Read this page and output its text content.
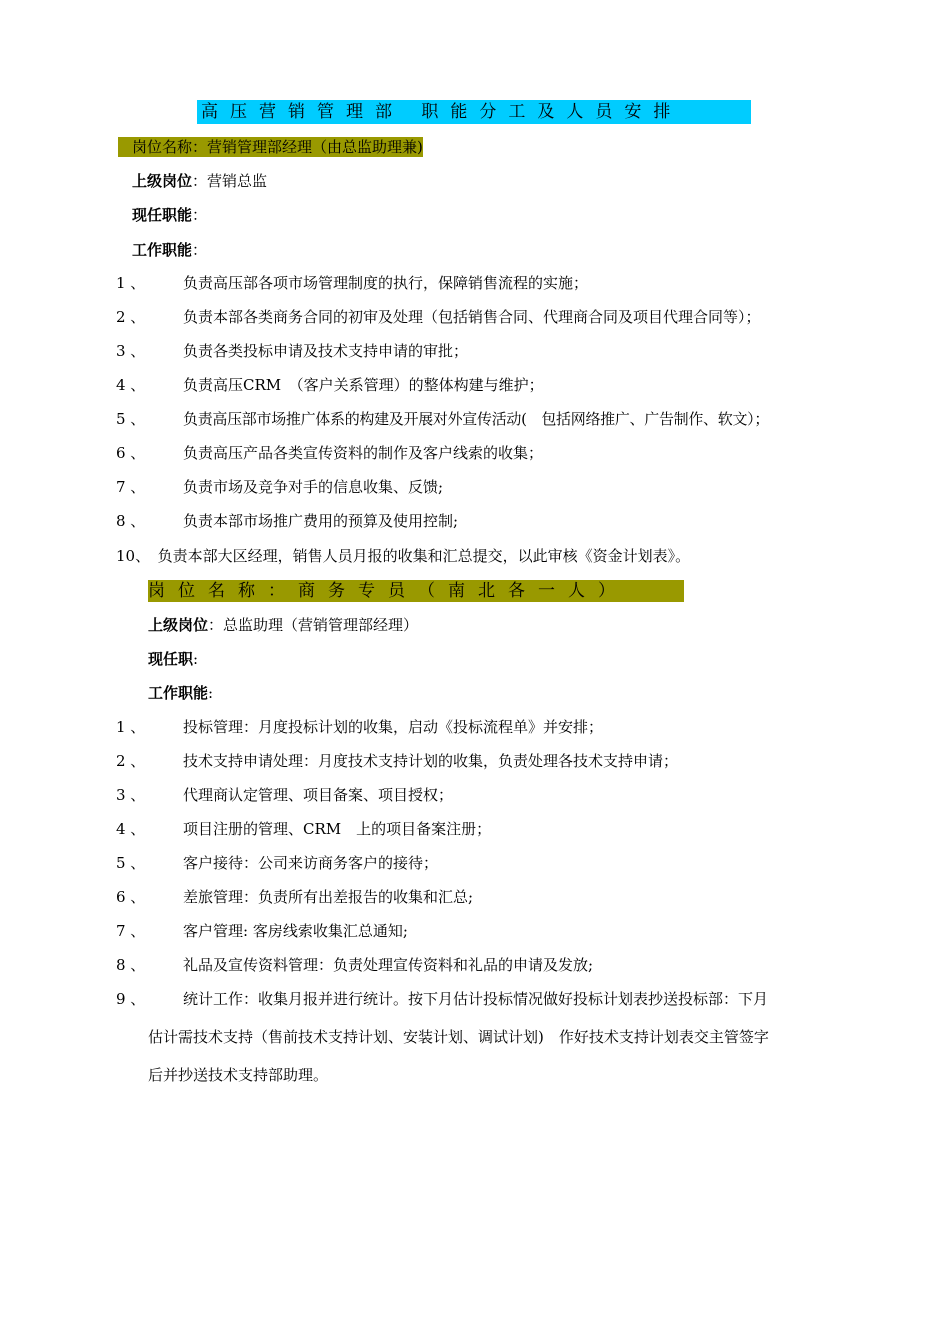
高压营销管理部 职能分工及人员安排
岗位名称：营销管理部经理（由总监助理兼)
上级岗位：营销总监
现任职能：
工作职能：
1 、	负责高压部各项市场管理制度的执行，保障销售流程的实施；
2 、	负责本部各类商务合同的初审及处理（包括销售合同、代理商合同及项目代理合同等）；
3 、	负责各类投标申请及技术支持申请的审批；
4 、	负责高压CRM　（客户关系管理）的整体构建与维护；
5 、	负责高压部市场推广体系的构建及开展对外宣传活动(　包括网络推广、广告制作、软文）；
6 、	负责高压产品各类宣传资料的制作及客户线索的收集；
7 、	负责市场及竞争对手的信息收集、反馈;
8 、	负责本部市场推广费用的预算及使用控制;
10、　负责本部大区经理，销售人员月报的收集和汇总提交，以此审核《资金计划表》。
岗位名称：商务专员（南北各一人）
上级岗位：总监助理（营销管理部经理）
现任职:
工作职能:
1 、	投标管理：月度投标计划的收集，启动《投标流程单》并安排；
2 、	技术支持申请处理：月度技术支持计划的收集，负责处理各技术支持申请；
3 、	代理商认定管理、项目备案、项目授权；
4 、	项目注册的管理、CRM　上的项目备案注册；
5 、	客户接待：公司来访商务客户的接待；
6 、	差旅管理：负责所有出差报告的收集和汇总;
7 、	客户管理: 客房线索收集汇总通知;
8 、	礼品及宣传资料管理：负责处理宣传资料和礼品的申请及发放;
9 、	统计工作：收集月报并进行统计。按下月估计投标情况做好投标计划表抄送投标部：下月
估计需技术支持（售前技术支持计划、安装计划、调试计划)　作好技术支持计划表交主管签字
后并抄送技术支持部助理。
